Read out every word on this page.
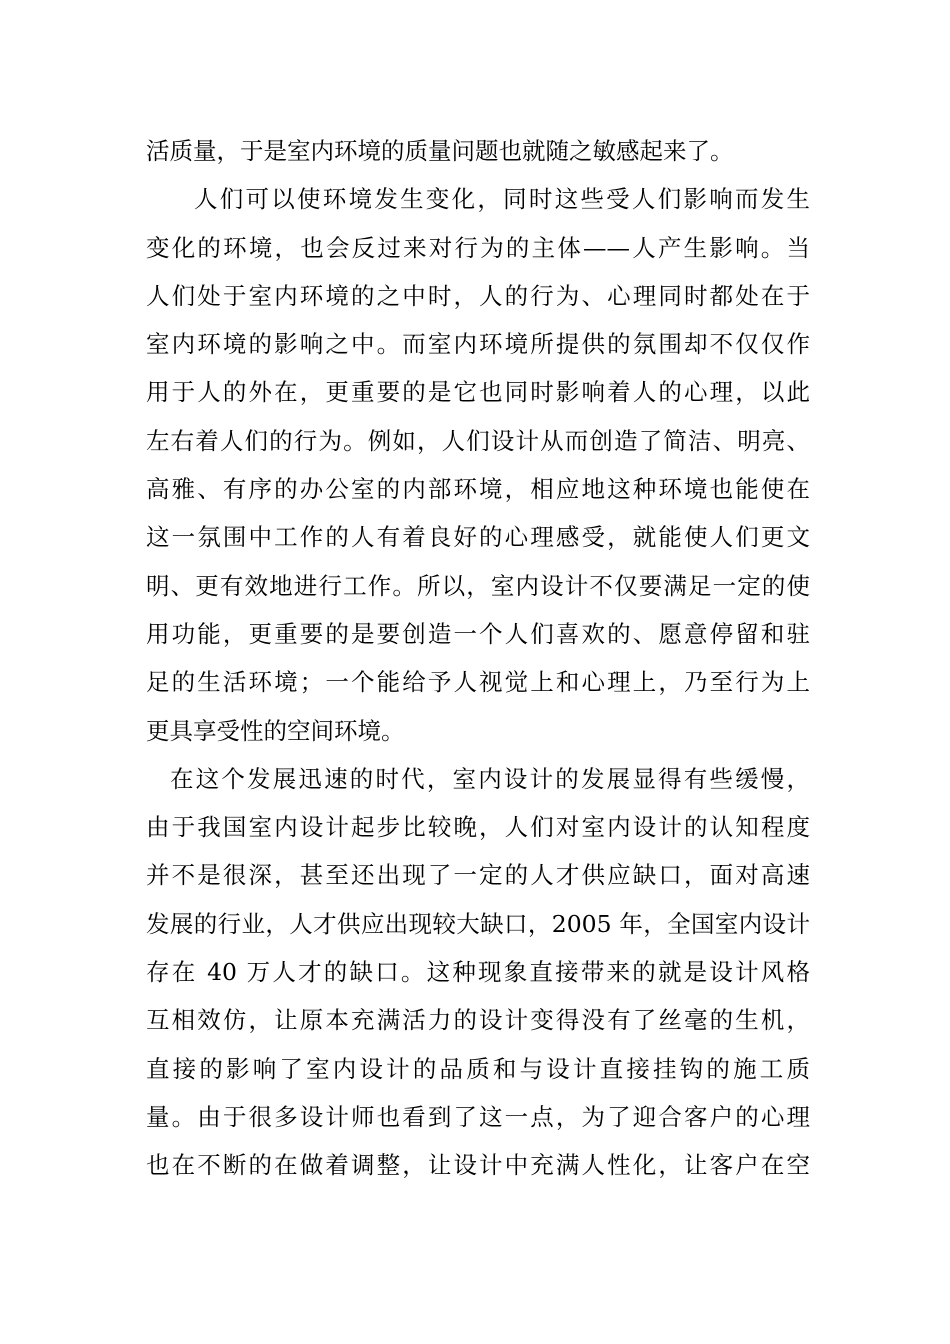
活质量，于是室内环境的质量问题也就随之敏感起来了。
人们可以使环境发生变化，同时这些受人们影响而发生
变化的环境，也会反过来对行为的主体——人产生影响。当
人们处于室内环境的之中时，人的行为、心理同时都处在于
室内环境的影响之中。而室内环境所提供的氛围却不仅仅作
用于人的外在，更重要的是它也同时影响着人的心理，以此
左右着人们的行为。例如，人们设计从而创造了简洁、明亮、
高雅、有序的办公室的内部环境，相应地这种环境也能使在
这一氛围中工作的人有着良好的心理感受，就能使人们更文
明、更有效地进行工作。所以，室内设计不仅要满足一定的使
用功能，更重要的是要创造一个人们喜欢的、愿意停留和驻
足的生活环境；一个能给予人视觉上和心理上，乃至行为上
更具享受性的空间环境。
在这个发展迅速的时代，室内设计的发展显得有些缓慢，
由于我国室内设计起步比较晚，人们对室内设计的认知程度
并不是很深，甚至还出现了一定的人才供应缺口，面对高速
发展的行业，人才供应出现较大缺口，2005 年，全国室内设计
存在 40 万人才的缺口。这种现象直接带来的就是设计风格
互相效仿，让原本充满活力的设计变得没有了丝毫的生机，
直接的影响了室内设计的品质和与设计直接挂钩的施工质
量。由于很多设计师也看到了这一点，为了迎合客户的心理
也在不断的在做着调整，让设计中充满人性化，让客户在空
